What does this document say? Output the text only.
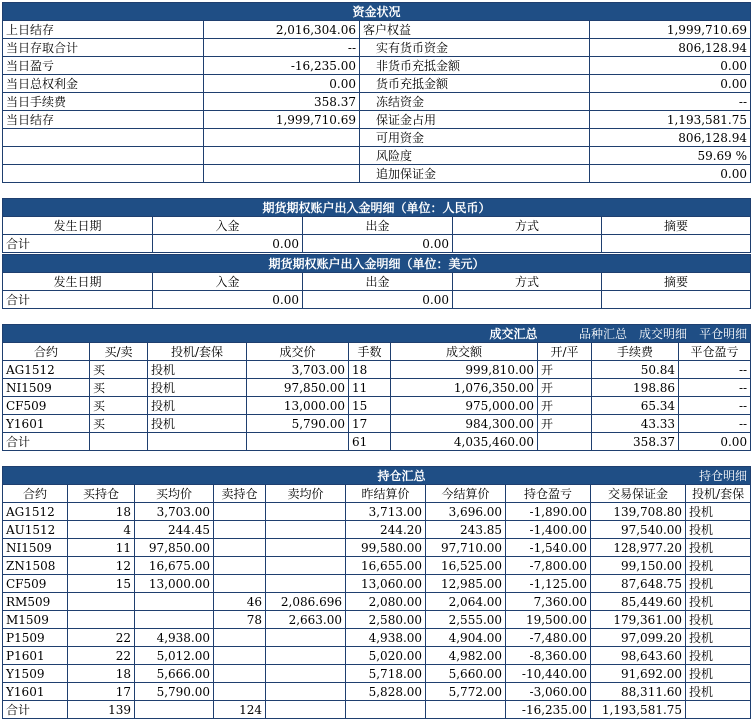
资金状况			
上日结存	2,016,304.06	客户权益	1,999,710.69
当日存取合计	--	实有货币资金	806,128.94
当日盈亏	-16,235.00	非货币充抵金额	0.00
当日总权利金	0.00	货币充抵金额	0.00
当日手续费	358.37	冻结资金	--
当日结存	1,999,710.69	保证金占用	1,193,581.75
		可用资金	806,128.94
		风险度	59.69 %
		追加保证金	0.00
期货期权账户出入金明细（单位：人民币）				
发生日期	入金	出金	方式	摘要
合计	0.00	0.00		
期货期权账户出入金明细（单位：美元）				
发生日期	入金	出金	方式	摘要
合计	0.00	0.00		
成交汇总						品种汇总 成交明细 平仓明细		
合约	买/卖	投机/套保	成交价	手数	成交额	开/平	手续费	平仓盈亏
AG1512	买	投机	3,703.00	18	999,810.00	开	50.84	--
NI1509	买	投机	97,850.00	11	1,076,350.00	开	198.86	--
CF509	买	投机	13,000.00	15	975,000.00	开	65.34	--
Y1601	买	投机	5,790.00	17	984,300.00	开	43.33	--
合计				61	4,035,460.00		358.37	0.00
持仓汇总						持仓明细			
合约	买持仓	买均价	卖持仓	卖均价	昨结算价	今结算价	持仓盈亏	交易保证金	投机/套保
AG1512	18	3,703.00			3,713.00	3,696.00	-1,890.00	139,708.80	投机
AU1512	4	244.45			244.20	243.85	-1,400.00	97,540.00	投机
NI1509	11	97,850.00			99,580.00	97,710.00	-1,540.00	128,977.20	投机
ZN1508	12	16,675.00			16,655.00	16,525.00	-7,800.00	99,150.00	投机
CF509	15	13,000.00			13,060.00	12,985.00	-1,125.00	87,648.75	投机
RM509			46	2,086.696	2,080.00	2,064.00	7,360.00	85,449.60	投机
M1509			78	2,663.00	2,580.00	2,555.00	19,500.00	179,361.00	投机
P1509	22	4,938.00			4,938.00	4,904.00	-7,480.00	97,099.20	投机
P1601	22	5,012.00			5,020.00	4,982.00	-8,360.00	98,643.60	投机
Y1509	18	5,666.00			5,718.00	5,660.00	-10,440.00	91,692.00	投机
Y1601	17	5,790.00			5,828.00	5,772.00	-3,060.00	88,311.60	投机
合计	139		124				-16,235.00	1,193,581.75	
